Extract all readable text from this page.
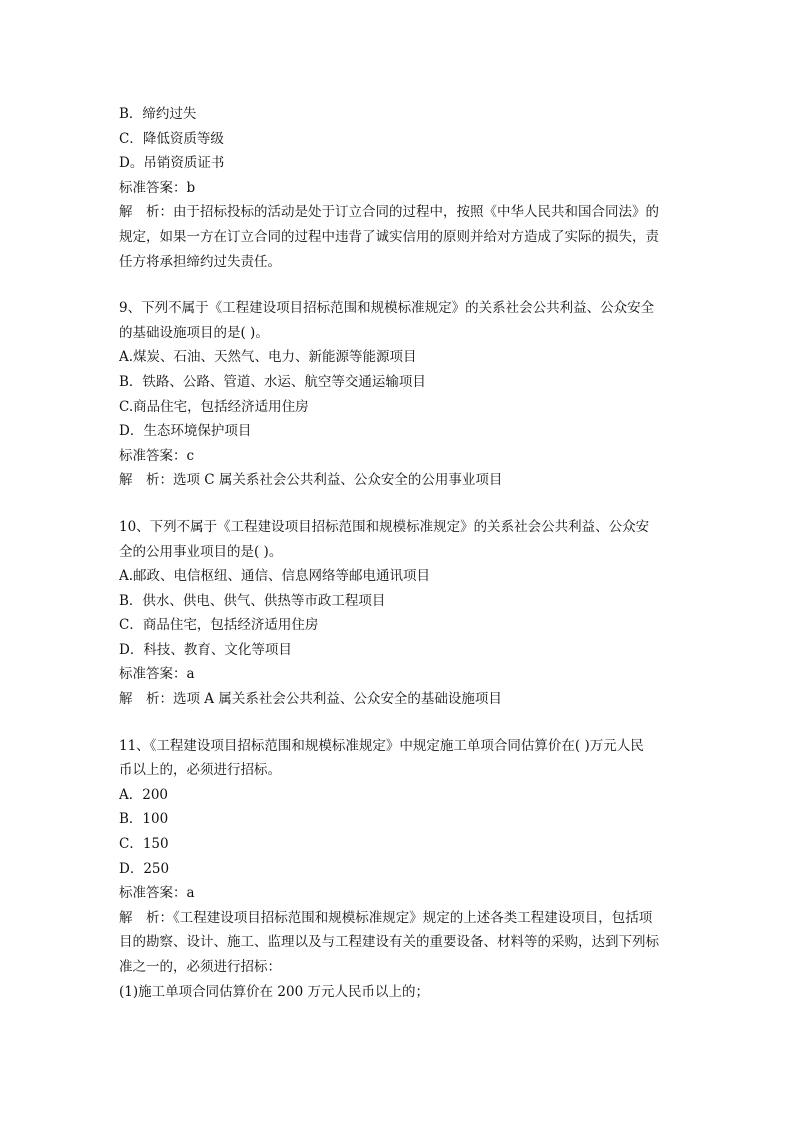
B．缔约过失
C．降低资质等级
D。吊销资质证书
标准答案：b
解　析：由于招标投标的活动是处于订立合同的过程中，按照《中华人民共和国合同法》的
规定，如果一方在订立合同的过程中违背了诚实信用的原则并给对方造成了实际的损失，责
任方将承担缔约过失责任。
9、下列不属于《工程建设项目招标范围和规模标准规定》的关系社会公共利益、公众安全
的基础设施项目的是( )。
A.煤炭、石油、天然气、电力、新能源等能源项目
B．铁路、公路、管道、水运、航空等交通运输项目
C.商品住宅，包括经济适用住房
D．生态环境保护项目
标准答案：c
解　析：选项 C 属关系社会公共利益、公众安全的公用事业项目
10、下列不属于《工程建设项目招标范围和规模标准规定》的关系社会公共利益、公众安
全的公用事业项目的是( )。
A.邮政、电信枢纽、通信、信息网络等邮电通讯项目
B．供水、供电、供气、供热等市政工程项目
C．商品住宅，包括经济适用住房
D．科技、教育、文化等项目
标准答案：a
解　析：选项 A 属关系社会公共利益、公众安全的基础设施项目
11、《工程建设项目招标范围和规模标准规定》中规定施工单项合同估算价在( )万元人民
币以上的，必须进行招标。
A．200
B．100
C．150
D．250
标准答案：a
解　析：《工程建设项目招标范围和规模标准规定》规定的上述各类工程建设项目，包括项
目的勘察、设计、施工、监理以及与工程建设有关的重要设备、材料等的采购，达到下列标
准之一的，必须进行招标：
(1)施工单项合同估算价在 200 万元人民币以上的；
